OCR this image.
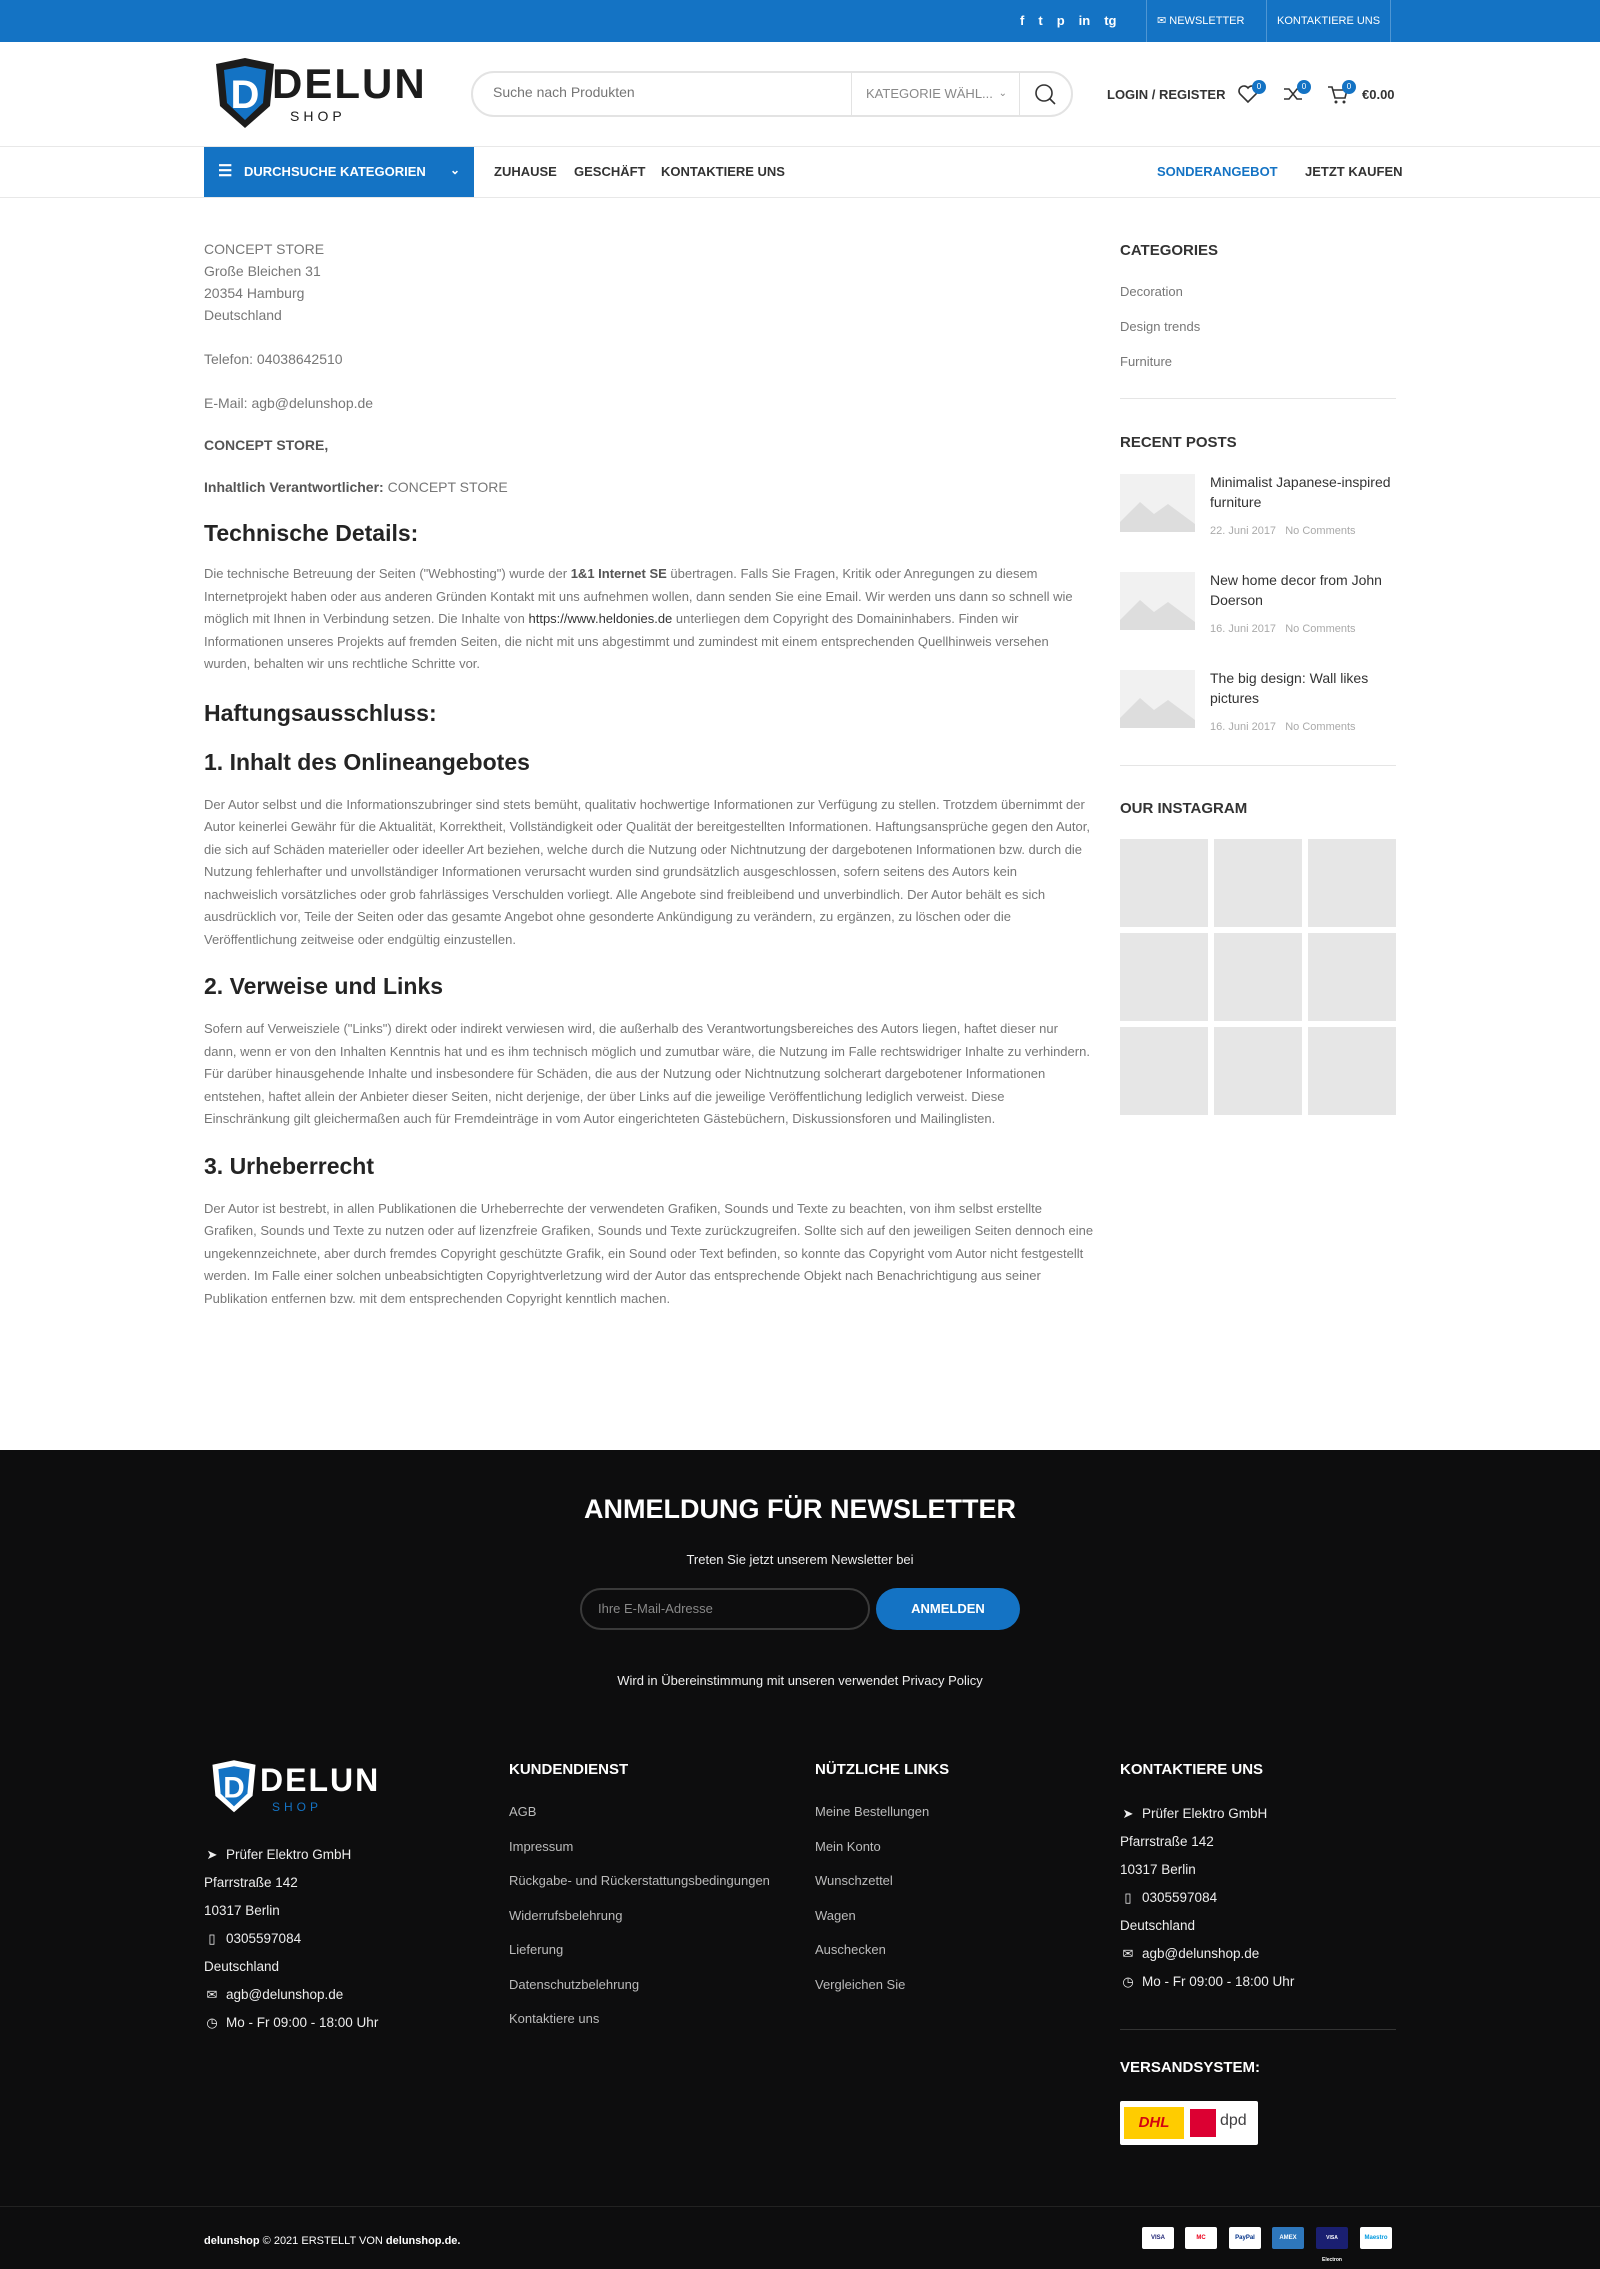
f t p in tg	✉ NEWSLETTER	KONTAKTIERE UNS
D DELUN
SHOP
Suche nach Produkten
KATEGORIE WÄHL... ⌄	LOGIN / REGISTER
0	0	0
€0.00
☰ DURCHSUCHE KATEGORIEN ⌄	ZUHAUSE GESCHÄFT KONTAKTIERE UNS	SONDERANGEBOT JETZT KAUFEN

CONCEPT STORE

Große Bleichen 31

20354 Hamburg

Deutschland

Telefon: 04038642510

E-Mail: agb@delunshop.de

CONCEPT STORE,

Inhaltlich Verantwortlicher: CONCEPT STORE

Technische Details:

Die technische Betreuung der Seiten ("Webhosting") wurde der 1&1 Internet SE übertragen. Falls Sie Fragen, Kritik oder Anregungen zu diesem Internetprojekt haben oder aus anderen Gründen Kontakt mit uns aufnehmen wollen, dann senden Sie eine Email. Wir werden uns dann so schnell wie möglich mit Ihnen in Verbindung setzen. Die Inhalte von https://www.heldonies.de unterliegen dem Copyright des Domaininhabers. Finden wir Informationen unseres Projekts auf fremden Seiten, die nicht mit uns abgestimmt und zumindest mit einem entsprechenden Quellhinweis versehen wurden, behalten wir uns rechtliche Schritte vor.

Haftungsausschluss:
1. Inhalt des Onlineangebotes

Der Autor selbst und die Informationszubringer sind stets bemüht, qualitativ hochwertige Informationen zur Verfügung zu stellen. Trotzdem übernimmt der Autor keinerlei Gewähr für die Aktualität, Korrektheit, Vollständigkeit oder Qualität der bereitgestellten Informationen. Haftungsansprüche gegen den Autor, die sich auf Schäden materieller oder ideeller Art beziehen, welche durch die Nutzung oder Nichtnutzung der dargebotenen Informationen bzw. durch die Nutzung fehlerhafter und unvollständiger Informationen verursacht wurden sind grundsätzlich ausgeschlossen, sofern seitens des Autors kein nachweislich vorsätzliches oder grob fahrlässiges Verschulden vorliegt. Alle Angebote sind freibleibend und unverbindlich. Der Autor behält es sich ausdrücklich vor, Teile der Seiten oder das gesamte Angebot ohne gesonderte Ankündigung zu verändern, zu ergänzen, zu löschen oder die Veröffentlichung zeitweise oder endgültig einzustellen.

2. Verweise und Links

Sofern auf Verweisziele ("Links") direkt oder indirekt verwiesen wird, die außerhalb des Verantwortungsbereiches des Autors liegen, haftet dieser nur dann, wenn er von den Inhalten Kenntnis hat und es ihm technisch möglich und zumutbar wäre, die Nutzung im Falle rechtswidriger Inhalte zu verhindern. Für darüber hinausgehende Inhalte und insbesondere für Schäden, die aus der Nutzung oder Nichtnutzung solcherart dargebotener Informationen entstehen, haftet allein der Anbieter dieser Seiten, nicht derjenige, der über Links auf die jeweilige Veröffentlichung lediglich verweist. Diese Einschränkung gilt gleichermaßen auch für Fremdeinträge in vom Autor eingerichteten Gästebüchern, Diskussionsforen und Mailinglisten.

3. Urheberrecht

Der Autor ist bestrebt, in allen Publikationen die Urheberrechte der verwendeten Grafiken, Sounds und Texte zu beachten, von ihm selbst erstellte Grafiken, Sounds und Texte zu nutzen oder auf lizenzfreie Grafiken, Sounds und Texte zurückzugreifen. Sollte sich auf den jeweiligen Seiten dennoch eine ungekennzeichnete, aber durch fremdes Copyright geschützte Grafik, ein Sound oder Text befinden, so konnte das Copyright vom Autor nicht festgestellt werden. Im Falle einer solchen unbeabsichtigten Copyrightverletzung wird der Autor das entsprechende Objekt nach Benachrichtigung aus seiner Publikation entfernen bzw. mit dem entsprechenden Copyright kenntlich machen.

CATEGORIES
Decoration
Design trends
Furniture
RECENT POSTS
Minimalist Japanese-inspired furniture
22. Juni 2017 No Comments
New home decor from John Doerson
16. Juni 2017 No Comments
The big design: Wall likes pictures
16. Juni 2017 No Comments
OUR INSTAGRAM
ANMELDUNG FÜR NEWSLETTER
Treten Sie jetzt unserem Newsletter bei
Ihre E-Mail-Adresse	ANMELDEN
Wird in Übereinstimmung mit unseren verwendet Privacy Policy
D DELUN
SHOP
➤ Prüfer Elektro GmbH
Pfarrstraße 142
10317 Berlin
▯ 0305597084
Deutschland
✉ agb@delunshop.de
◷ Mo - Fr 09:00 - 18:00 Uhr
KUNDENDIENST
AGB
Impressum
Rückgabe- und Rückerstattungsbedingungen
Widerrufsbelehrung
Lieferung
Datenschutzbelehrung
Kontaktiere uns
NÜTZLICHE LINKS
Meine Bestellungen
Mein Konto
Wunschzettel
Wagen
Auschecken
Vergleichen Sie
KONTAKTIERE UNS
➤ Prüfer Elektro GmbH
Pfarrstraße 142
10317 Berlin
▯ 0305597084
Deutschland
✉ agb@delunshop.de
◷ Mo - Fr 09:00 - 18:00 Uhr
VERSANDSYSTEM:
DHL	dpd
delunshop © 2021 ERSTELLT VON delunshop.de.	VISA	MC	PayPal	AMEX	VISA Electron
Maestro
